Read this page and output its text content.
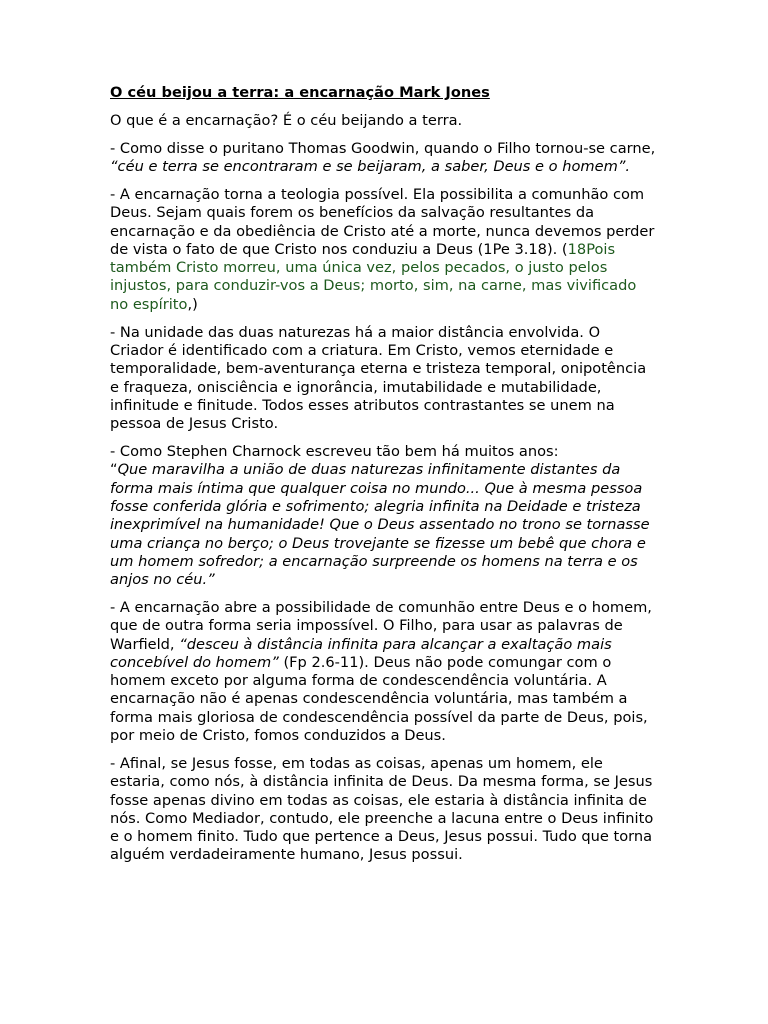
O céu beijou a terra: a encarnação Mark Jones

O que é a encarnação? É o céu beijando a terra.

- Como disse o puritano Thomas Goodwin, quando o Filho tornou-se carne, “céu e terra se encontraram e se beijaram, a saber, Deus e o homem”.

- A encarnação torna a teologia possível. Ela possibilita a comunhão com Deus. Sejam quais forem os benefícios da salvação resultantes da encarnação e da obediência de Cristo até a morte, nunca devemos perder de vista o fato de que Cristo nos conduziu a Deus (1Pe 3.18). (18Pois também Cristo morreu, uma única vez, pelos pecados, o justo pelos injustos, para conduzir-vos a Deus; morto, sim, na carne, mas vivificado no espírito,)

- Na unidade das duas naturezas há a maior distância envolvida. O Criador é identificado com a criatura. Em Cristo, vemos eternidade e temporalidade, bem-aventurança eterna e tristeza temporal, onipotência e fraqueza, onisciência e ignorância, imutabilidade e mutabilidade, infinitude e finitude. Todos esses atributos contrastantes se unem na pessoa de Jesus Cristo.

- Como Stephen Charnock escreveu tão bem há muitos anos:
“Que maravilha a união de duas naturezas infinitamente distantes da forma mais íntima que qualquer coisa no mundo... Que à mesma pessoa fosse conferida glória e sofrimento; alegria infinita na Deidade e tristeza inexprimível na humanidade! Que o Deus assentado no trono se tornasse uma criança no berço; o Deus trovejante se fizesse um bebê que chora e um homem sofredor; a encarnação surpreende os homens na terra e os anjos no céu.”

- A encarnação abre a possibilidade de comunhão entre Deus e o homem, que de outra forma seria impossível. O Filho, para usar as palavras de Warfield, “desceu à distância infinita para alcançar a exaltação mais concebível do homem” (Fp 2.6-11). Deus não pode comungar com o homem exceto por alguma forma de condescendência voluntária. A encarnação não é apenas condescendência voluntária, mas também a forma mais gloriosa de condescendência possível da parte de Deus, pois, por meio de Cristo, fomos conduzidos a Deus.

- Afinal, se Jesus fosse, em todas as coisas, apenas um homem, ele estaria, como nós, à distância infinita de Deus. Da mesma forma, se Jesus fosse apenas divino em todas as coisas, ele estaria à distância infinita de nós. Como Mediador, contudo, ele preenche a lacuna entre o Deus infinito e o homem finito. Tudo que pertence a Deus, Jesus possui. Tudo que torna alguém verdadeiramente humano, Jesus possui.
